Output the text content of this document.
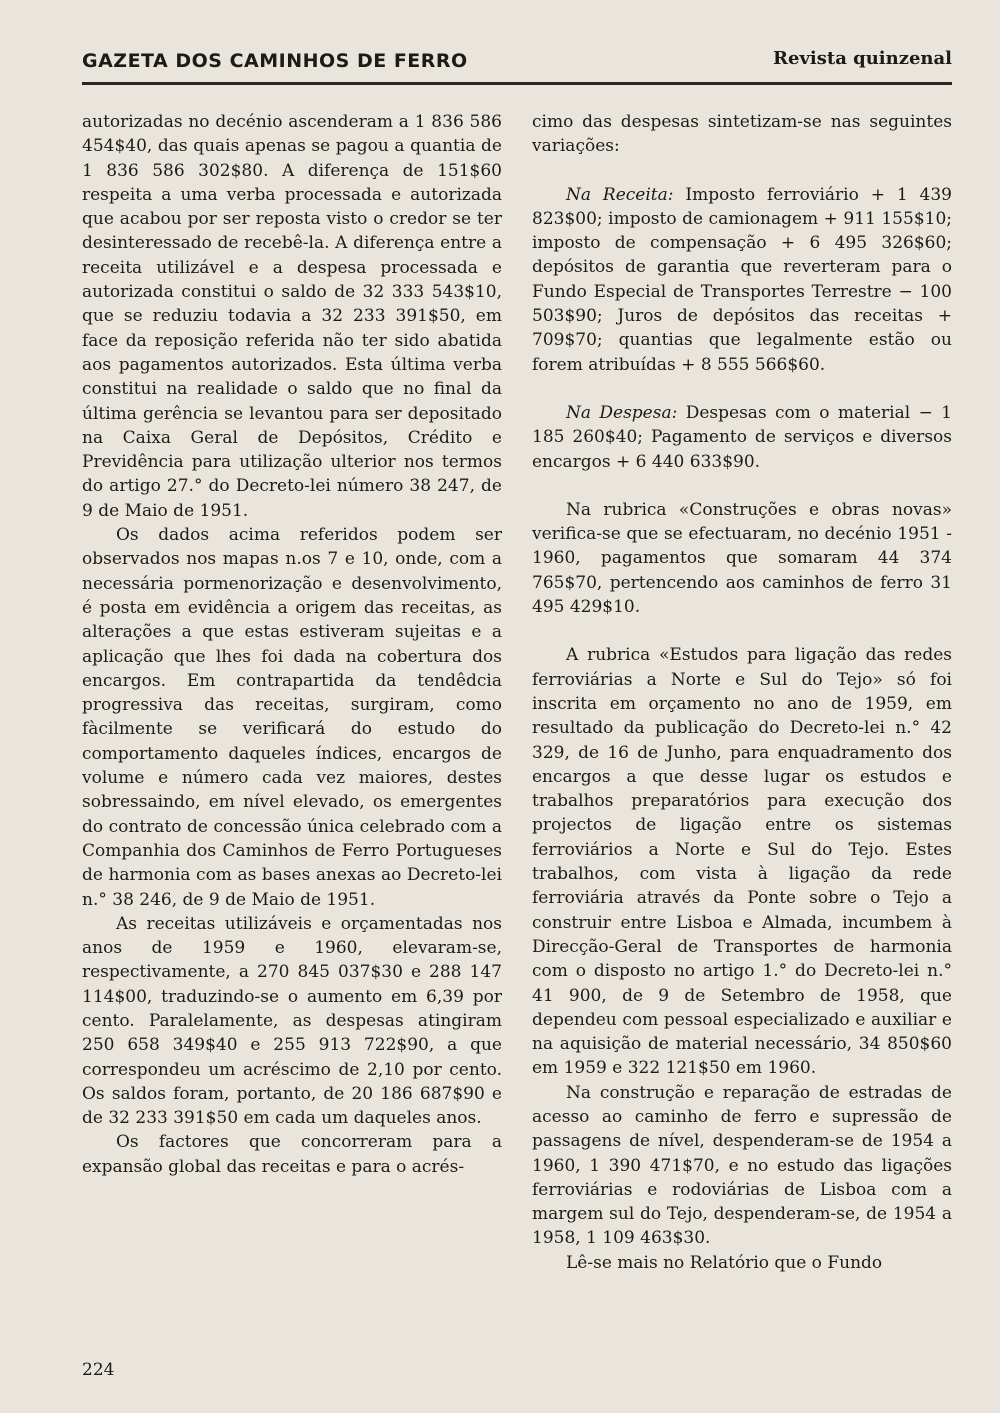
GAZETA DOS CAMINHOS DE FERRO	Revista quinzenal

autorizadas no decénio ascenderam a 1 836 586 454$40, das quais apenas se pagou a quantia de 1 836 586 302$80. A diferença de 151$60 respeita a uma verba processada e autorizada que acabou por ser reposta visto o credor se ter desinteressado de recebê-la. A diferença entre a receita utilizável e a despesa processada e autorizada constitui o saldo de 32 333 543$10, que se reduziu todavia a 32 233 391$50, em face da reposição referida não ter sido abatida aos pagamentos autorizados. Esta última verba constitui na realidade o saldo que no final da última gerência se levantou para ser depositado na Caixa Geral de Depósitos, Crédito e Previdência para utilização ulterior nos termos do artigo 27.° do Decreto-lei número 38 247, de 9 de Maio de 1951.

Os dados acima referidos podem ser observados nos mapas n.os 7 e 10, onde, com a necessária pormenorização e desenvolvimento, é posta em evidência a origem das receitas, as alterações a que estas estiveram sujeitas e a aplicação que lhes foi dada na cobertura dos encargos. Em contrapartida da tendêdcia progressiva das receitas, surgiram, como fàcilmente se verificará do estudo do comportamento daqueles índices, encargos de volume e número cada vez maiores, destes sobressaindo, em nível elevado, os emergentes do contrato de concessão única celebrado com a Companhia dos Caminhos de Ferro Portugueses de harmonia com as bases anexas ao Decreto-lei n.° 38 246, de 9 de Maio de 1951.

As receitas utilizáveis e orçamentadas nos anos de 1959 e 1960, elevaram-se, respectivamente, a 270 845 037$30 e 288 147 114$00, traduzindo-se o aumento em 6,39 por cento. Paralelamente, as despesas atingiram 250 658 349$40 e 255 913 722$90, a que correspondeu um acréscimo de 2,10 por cento. Os saldos foram, portanto, de 20 186 687$90 e de 32 233 391$50 em cada um daqueles anos.

Os factores que concorreram para a expansão global das receitas e para o acrés-

cimo das despesas sintetizam-se nas seguintes variações:

Na Receita: Imposto ferroviário + 1 439 823$00; imposto de camionagem + 911 155$10; imposto de compensação + 6 495 326$60; depósitos de garantia que reverteram para o Fundo Especial de Transportes Terrestre − 100 503$90; Juros de depósitos das receitas + 709$70; quantias que legalmente estão ou forem atribuídas + 8 555 566$60.

Na Despesa: Despesas com o material − 1 185 260$40; Pagamento de serviços e diversos encargos + 6 440 633$90.

Na rubrica «Construções e obras novas» verifica-se que se efectuaram, no decénio 1951 - 1960, pagamentos que somaram 44 374 765$70, pertencendo aos caminhos de ferro 31 495 429$10.

A rubrica «Estudos para ligação das redes ferroviárias a Norte e Sul do Tejo» só foi inscrita em orçamento no ano de 1959, em resultado da publicação do Decreto-lei n.° 42 329, de 16 de Junho, para enquadramento dos encargos a que desse lugar os estudos e trabalhos preparatórios para execução dos projectos de ligação entre os sistemas ferroviários a Norte e Sul do Tejo. Estes trabalhos, com vista à ligação da rede ferroviária através da Ponte sobre o Tejo a construir entre Lisboa e Almada, incumbem à Direcção-Geral de Transportes de harmonia com o disposto no artigo 1.° do Decreto-lei n.° 41 900, de 9 de Setembro de 1958, que dependeu com pessoal especializado e auxiliar e na aquisição de material necessário, 34 850$60 em 1959 e 322 121$50 em 1960.

Na construção e reparação de estradas de acesso ao caminho de ferro e supressão de passagens de nível, despenderam-se de 1954 a 1960, 1 390 471$70, e no estudo das ligações ferroviárias e rodoviárias de Lisboa com a margem sul do Tejo, despenderam-se, de 1954 a 1958, 1 109 463$30.

Lê-se mais no Relatório que o Fundo

224
